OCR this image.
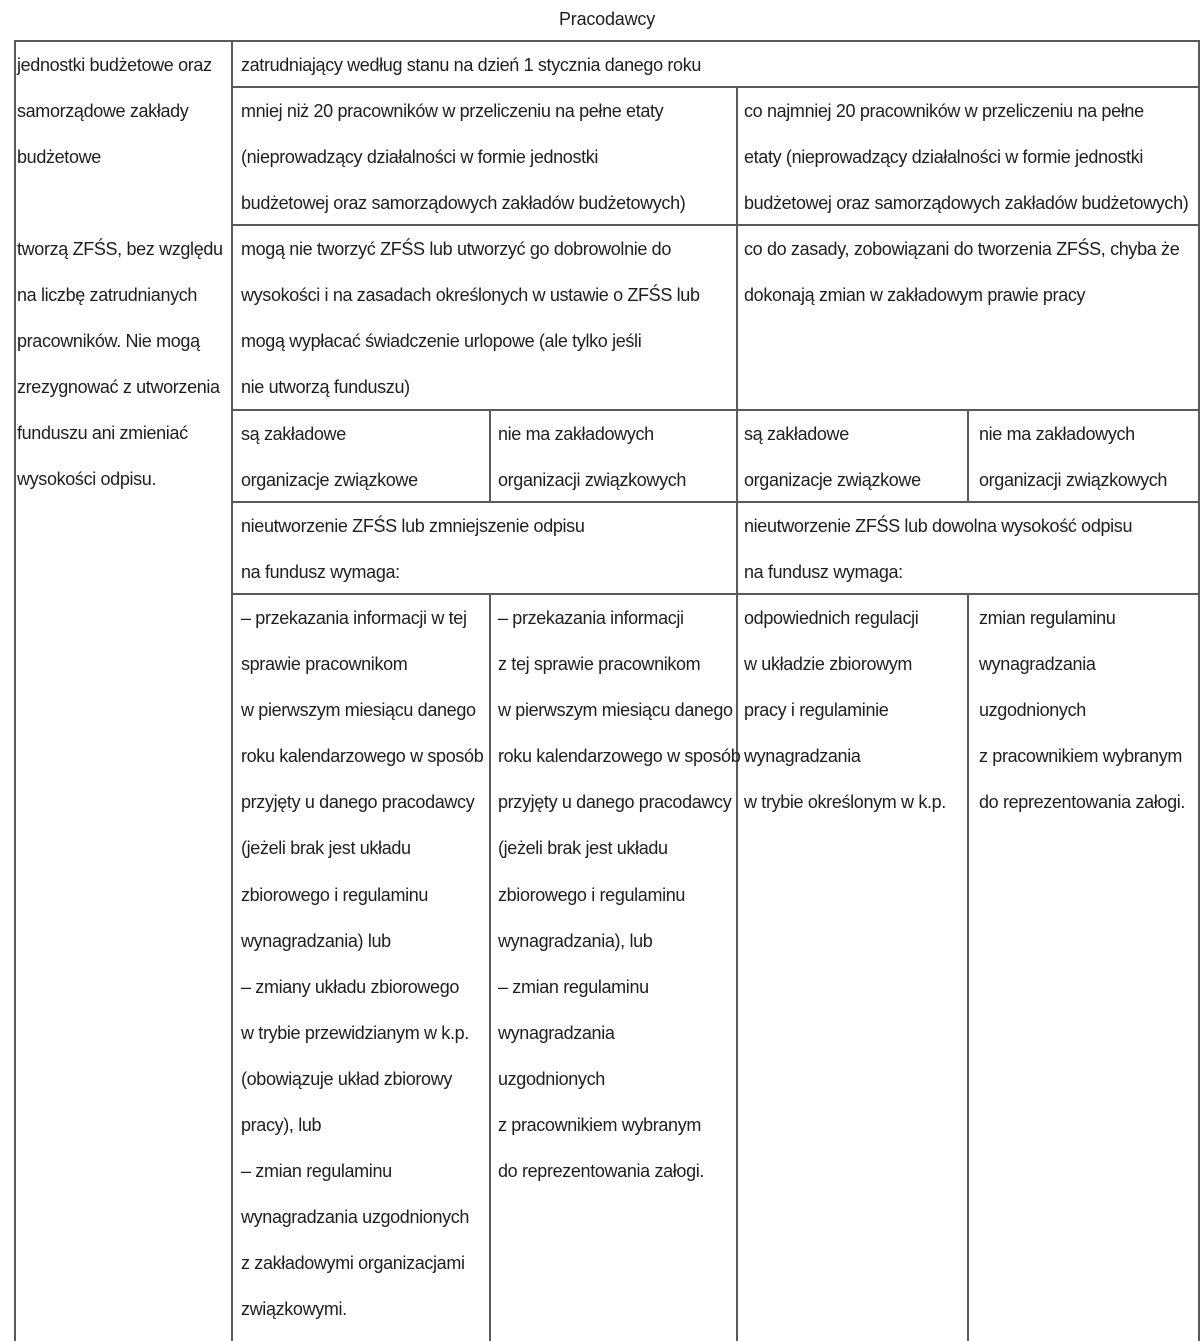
Pracodawcy
jednostki budżetowe oraz
samorządowe zakłady
budżetowe
tworzą ZFŚS, bez względu
na liczbę zatrudnianych
pracowników. Nie mogą
zrezygnować z utworzenia
funduszu ani zmieniać
wysokości odpisu.
zatrudniający według stanu na dzień 1 stycznia danego roku
mniej niż 20 pracowników w przeliczeniu na pełne etaty
(nieprowadzący działalności w formie jednostki
budżetowej oraz samorządowych zakładów budżetowych)
mogą nie tworzyć ZFŚS lub utworzyć go dobrowolnie do
wysokości i na zasadach określonych w ustawie o ZFŚS lub
mogą wypłacać świadczenie urlopowe (ale tylko jeśli
nie utworzą funduszu)
są zakładowe
organizacje związkowe
nie ma zakładowych
organizacji związkowych
nieutworzenie ZFŚS lub zmniejszenie odpisu
na fundusz wymaga:
– przekazania informacji w tej
sprawie pracownikom
w pierwszym miesiącu danego
roku kalendarzowego w sposób
przyjęty u danego pracodawcy
(jeżeli brak jest układu
zbiorowego i regulaminu
wynagradzania) lub
– zmiany układu zbiorowego
w trybie przewidzianym w k.p.
(obowiązuje układ zbiorowy
pracy), lub
– zmian regulaminu
wynagradzania uzgodnionych
z zakładowymi organizacjami
związkowymi.
– przekazania informacji
z tej sprawie pracownikom
w pierwszym miesiącu danego
roku kalendarzowego w sposób
przyjęty u danego pracodawcy
(jeżeli brak jest układu
zbiorowego i regulaminu
wynagradzania), lub
– zmian regulaminu
wynagradzania
uzgodnionych
z pracownikiem wybranym
do reprezentowania załogi.
co najmniej 20 pracowników w przeliczeniu na pełne
etaty (nieprowadzący działalności w formie jednostki
budżetowej oraz samorządowych zakładów budżetowych)
co do zasady, zobowiązani do tworzenia ZFŚS, chyba że
dokonają zmian w zakładowym prawie pracy
są zakładowe
organizacje związkowe
nie ma zakładowych
organizacji związkowych
nieutworzenie ZFŚS lub dowolna wysokość odpisu
na fundusz wymaga:
odpowiednich regulacji
w układzie zbiorowym
pracy i regulaminie
wynagradzania
w trybie określonym w k.p.
zmian regulaminu
wynagradzania
uzgodnionych
z pracownikiem wybranym
do reprezentowania załogi.
